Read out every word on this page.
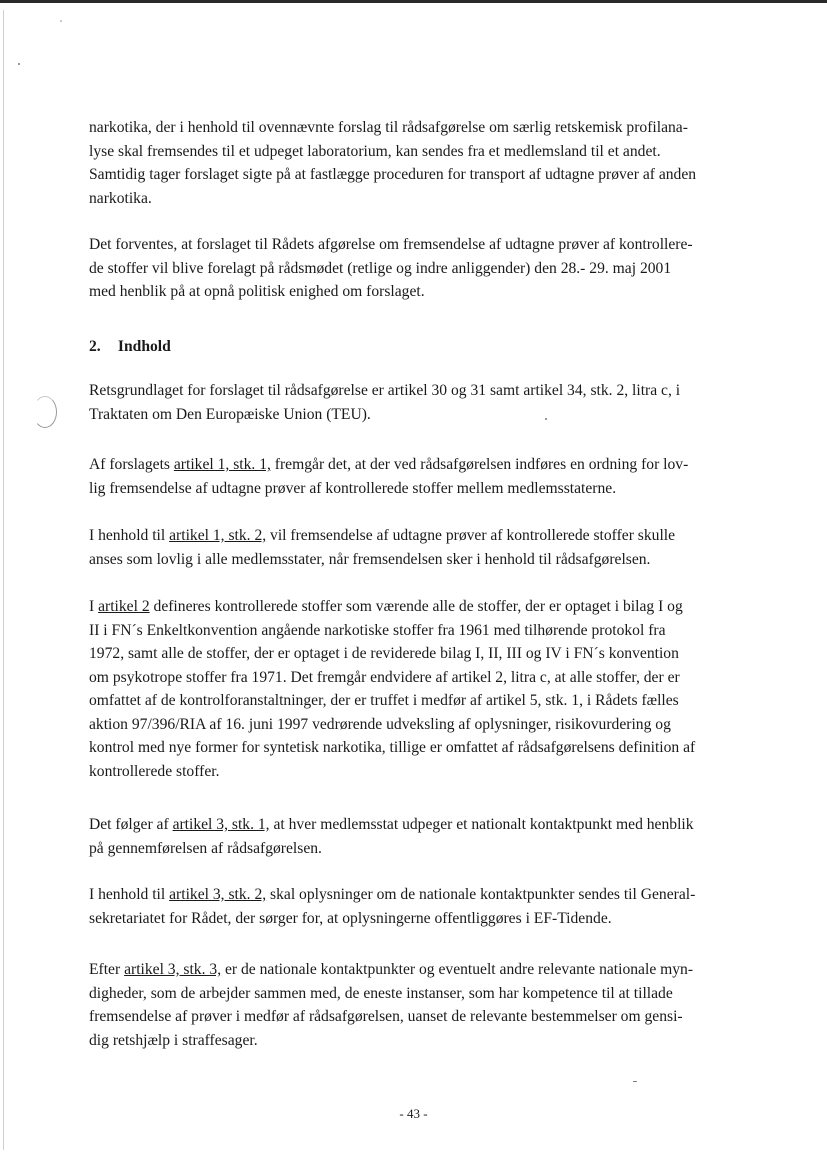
narkotika, der i henhold til ovennævnte forslag til rådsafgørelse om særlig retskemisk profilana-
lyse skal fremsendes til et udpeget laboratorium, kan sendes fra et medlemsland til et andet.
Samtidig tager forslaget sigte på at fastlægge proceduren for transport af udtagne prøver af anden
narkotika.
Det forventes, at forslaget til Rådets afgørelse om fremsendelse af udtagne prøver af kontrollere-
de stoffer vil blive forelagt på rådsmødet (retlige og indre anliggender) den 28.- 29. maj 2001
med henblik på at opnå politisk enighed om forslaget.
2. Indhold
Retsgrundlaget for forslaget til rådsafgørelse er artikel 30 og 31 samt artikel 34, stk. 2, litra c, i
Traktaten om Den Europæiske Union (TEU).
Af forslagets artikel 1, stk. 1, fremgår det, at der ved rådsafgørelsen indføres en ordning for lov-
lig fremsendelse af udtagne prøver af kontrollerede stoffer mellem medlemsstaterne.
I henhold til artikel 1, stk. 2, vil fremsendelse af udtagne prøver af kontrollerede stoffer skulle
anses som lovlig i alle medlemsstater, når fremsendelsen sker i henhold til rådsafgørelsen.
I artikel 2 defineres kontrollerede stoffer som værende alle de stoffer, der er optaget i bilag I og
II i FN´s Enkeltkonvention angående narkotiske stoffer fra 1961 med tilhørende protokol fra
1972, samt alle de stoffer, der er optaget i de reviderede bilag I, II, III og IV i FN´s konvention
om psykotrope stoffer fra 1971. Det fremgår endvidere af artikel 2, litra c, at alle stoffer, der er
omfattet af de kontrolforanstaltninger, der er truffet i medfør af artikel 5, stk. 1, i Rådets fælles
aktion 97/396/RIA af 16. juni 1997 vedrørende udveksling af oplysninger, risikovurdering og
kontrol med nye former for syntetisk narkotika, tillige er omfattet af rådsafgørelsens definition af
kontrollerede stoffer.
Det følger af artikel 3, stk. 1, at hver medlemsstat udpeger et nationalt kontaktpunkt med henblik
på gennemførelsen af rådsafgørelsen.
I henhold til artikel 3, stk. 2, skal oplysninger om de nationale kontaktpunkter sendes til General-
sekretariatet for Rådet, der sørger for, at oplysningerne offentliggøres i EF-Tidende.
Efter artikel 3, stk. 3, er de nationale kontaktpunkter og eventuelt andre relevante nationale myn-
digheder, som de arbejder sammen med, de eneste instanser, som har kompetence til at tillade
fremsendelse af prøver i medfør af rådsafgørelsen, uanset de relevante bestemmelser om gensi-
dig retshjælp i straffesager.
- 43 -
